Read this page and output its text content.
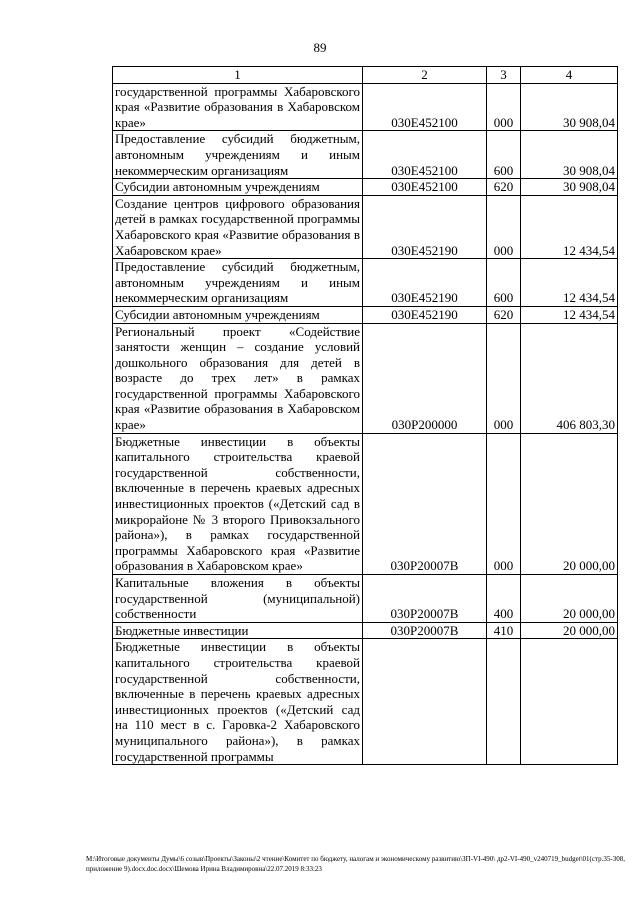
89
1	2	3	4
государственной программы Хабаровского края «Развитие образования в Хабаровском крае»	030Е452100	000	30 908,04
Предоставление субсидий бюджетным, автономным учреждениям и иным некоммерческим организациям	030Е452100	600	30 908,04
Субсидии автономным учреждениям	030Е452100	620	30 908,04
Создание центров цифрового образования детей в рамках государственной программы Хабаровского края «Развитие образования в Хабаровском крае»	030Е452190	000	12 434,54
Предоставление субсидий бюджетным, автономным учреждениям и иным некоммерческим организациям	030Е452190	600	12 434,54
Субсидии автономным учреждениям	030Е452190	620	12 434,54
Региональный проект «Содействие занятости женщин – создание условий дошкольного образования для детей в возрасте до трех лет» в рамках государственной программы Хабаровского края «Развитие образования в Хабаровском крае»	030P200000	000	406 803,30
Бюджетные инвестиции в объекты капитального строительства краевой государственной собственности, включенные в перечень краевых адресных инвестиционных проектов («Детский сад в микрорайоне № 3 второго Привокзального района»), в рамках государственной программы Хабаровского края «Развитие образования в Хабаровском крае»	030P20007B	000	20 000,00
Капитальные вложения в объекты государственной (муниципальной) собственности	030P20007B	400	20 000,00
Бюджетные инвестиции	030P20007B	410	20 000,00
Бюджетные инвестиции в объекты капитального строительства краевой государственной собственности, включенные в перечень краевых адресных инвестиционных проектов («Детский сад на 110 мест в с. Гаровка-2 Хабаровского муниципального района»), в рамках государственной программы			
M:\Итоговые документы Думы\6 созыв\Проекты\Законы\2 чтение\Комитет по бюджету, налогам и экономическому развитию\ЗП-VI-490\ др2-VI-490_v240719_budget\01(стр.35-308, приложение 9).docx.doc.docx\Шемова Ирина Владимировна\22.07.2019 8:33:23
